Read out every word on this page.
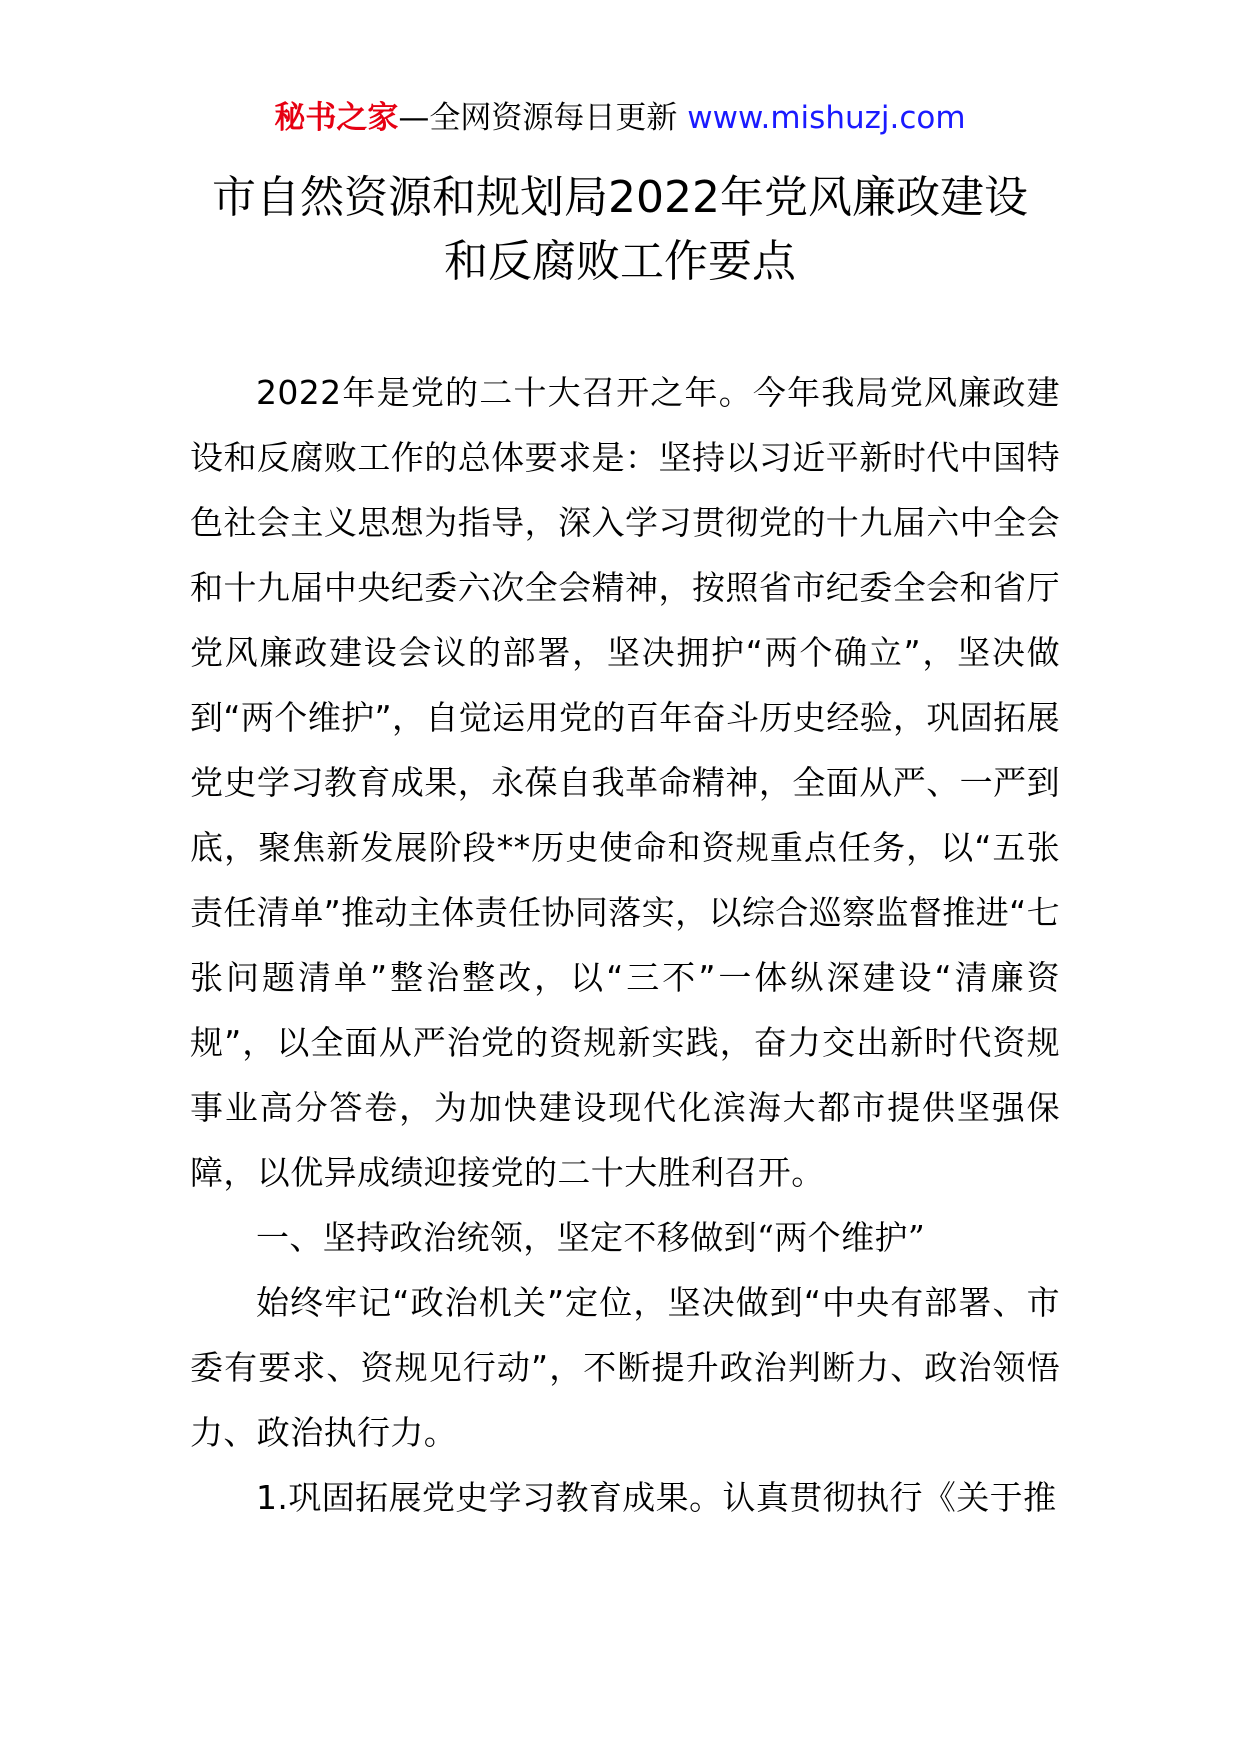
秘书之家—全网资源每日更新 www.mishuzj.com
市自然资源和规划局2022年党风廉政建设
和反腐败工作要点

2022年是党的二十大召开之年。今年我局党风廉政建设和反腐败工作的总体要求是：坚持以习近平新时代中国特色社会主义思想为指导，深入学习贯彻党的十九届六中全会和十九届中央纪委六次全会精神，按照省市纪委全会和省厅党风廉政建设会议的部署，坚决拥护“两个确立”，坚决做到“两个维护”，自觉运用党的百年奋斗历史经验，巩固拓展党史学习教育成果，永葆自我革命精神，全面从严、一严到底，聚焦新发展阶段**历史使命和资规重点任务，以“五张责任清单”推动主体责任协同落实，以综合巡察监督推进“七张问题清单”整治整改，以“三不”一体纵深建设“清廉资规”，以全面从严治党的资规新实践，奋力交出新时代资规事业高分答卷，为加快建设现代化滨海大都市提供坚强保障，以优异成绩迎接党的二十大胜利召开。

一、坚持政治统领，坚定不移做到“两个维护”

始终牢记“政治机关”定位，坚决做到“中央有部署、市委有要求、资规见行动”，不断提升政治判断力、政治领悟力、政治执行力。

1.巩固拓展党史学习教育成果。认真贯彻执行《关于推
